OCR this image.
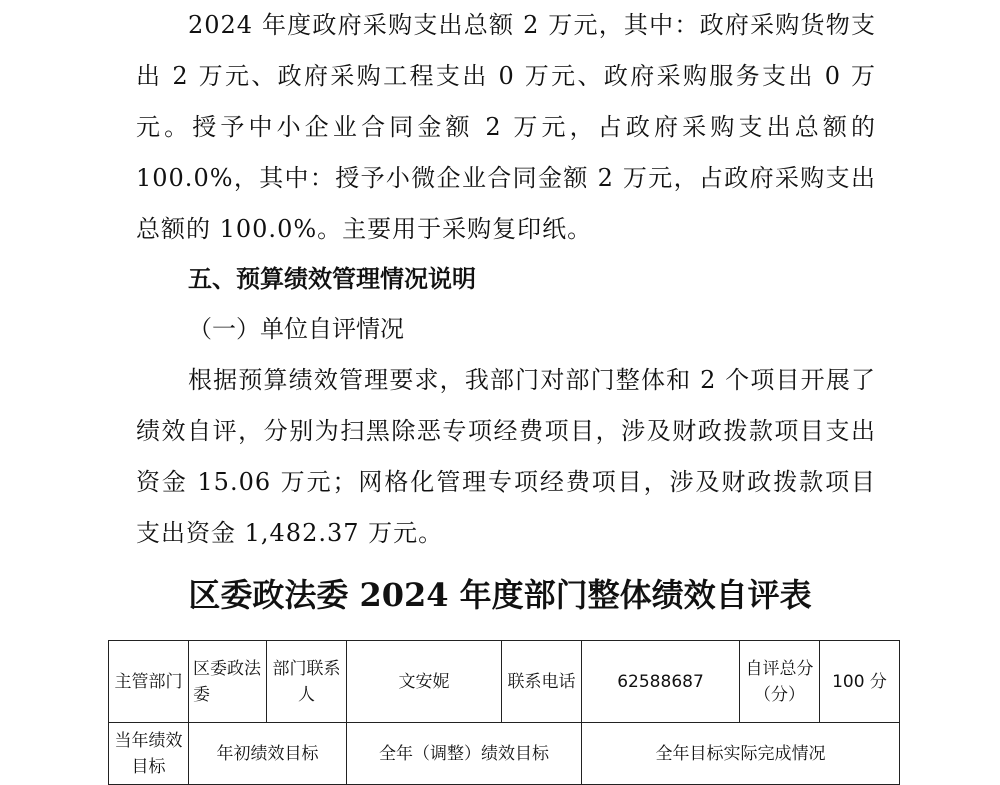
2024 年度政府采购支出总额 2 万元，其中：政府采购货物支出 2 万元、政府采购工程支出 0 万元、政府采购服务支出 0 万元。授予中小企业合同金额 2 万元，占政府采购支出总额的 100.0%，其中：授予小微企业合同金额 2 万元，占政府采购支出总额的 100.0%。主要用于采购复印纸。

五、预算绩效管理情况说明
（一）单位自评情况

根据预算绩效管理要求，我部门对部门整体和 2 个项目开展了绩效自评，分别为扫黑除恶专项经费项目，涉及财政拨款项目支出资金 15.06 万元；网格化管理专项经费项目，涉及财政拨款项目支出资金 1,482.37 万元。

区委政法委 2024 年度部门整体绩效自评表
主管部门	区委政法委	部门联系人	文安妮	联系电话	62588687	自评总分（分）	100 分
当年绩效目标	年初绩效目标		全年（调整）绩效目标		全年目标实际完成情况		
